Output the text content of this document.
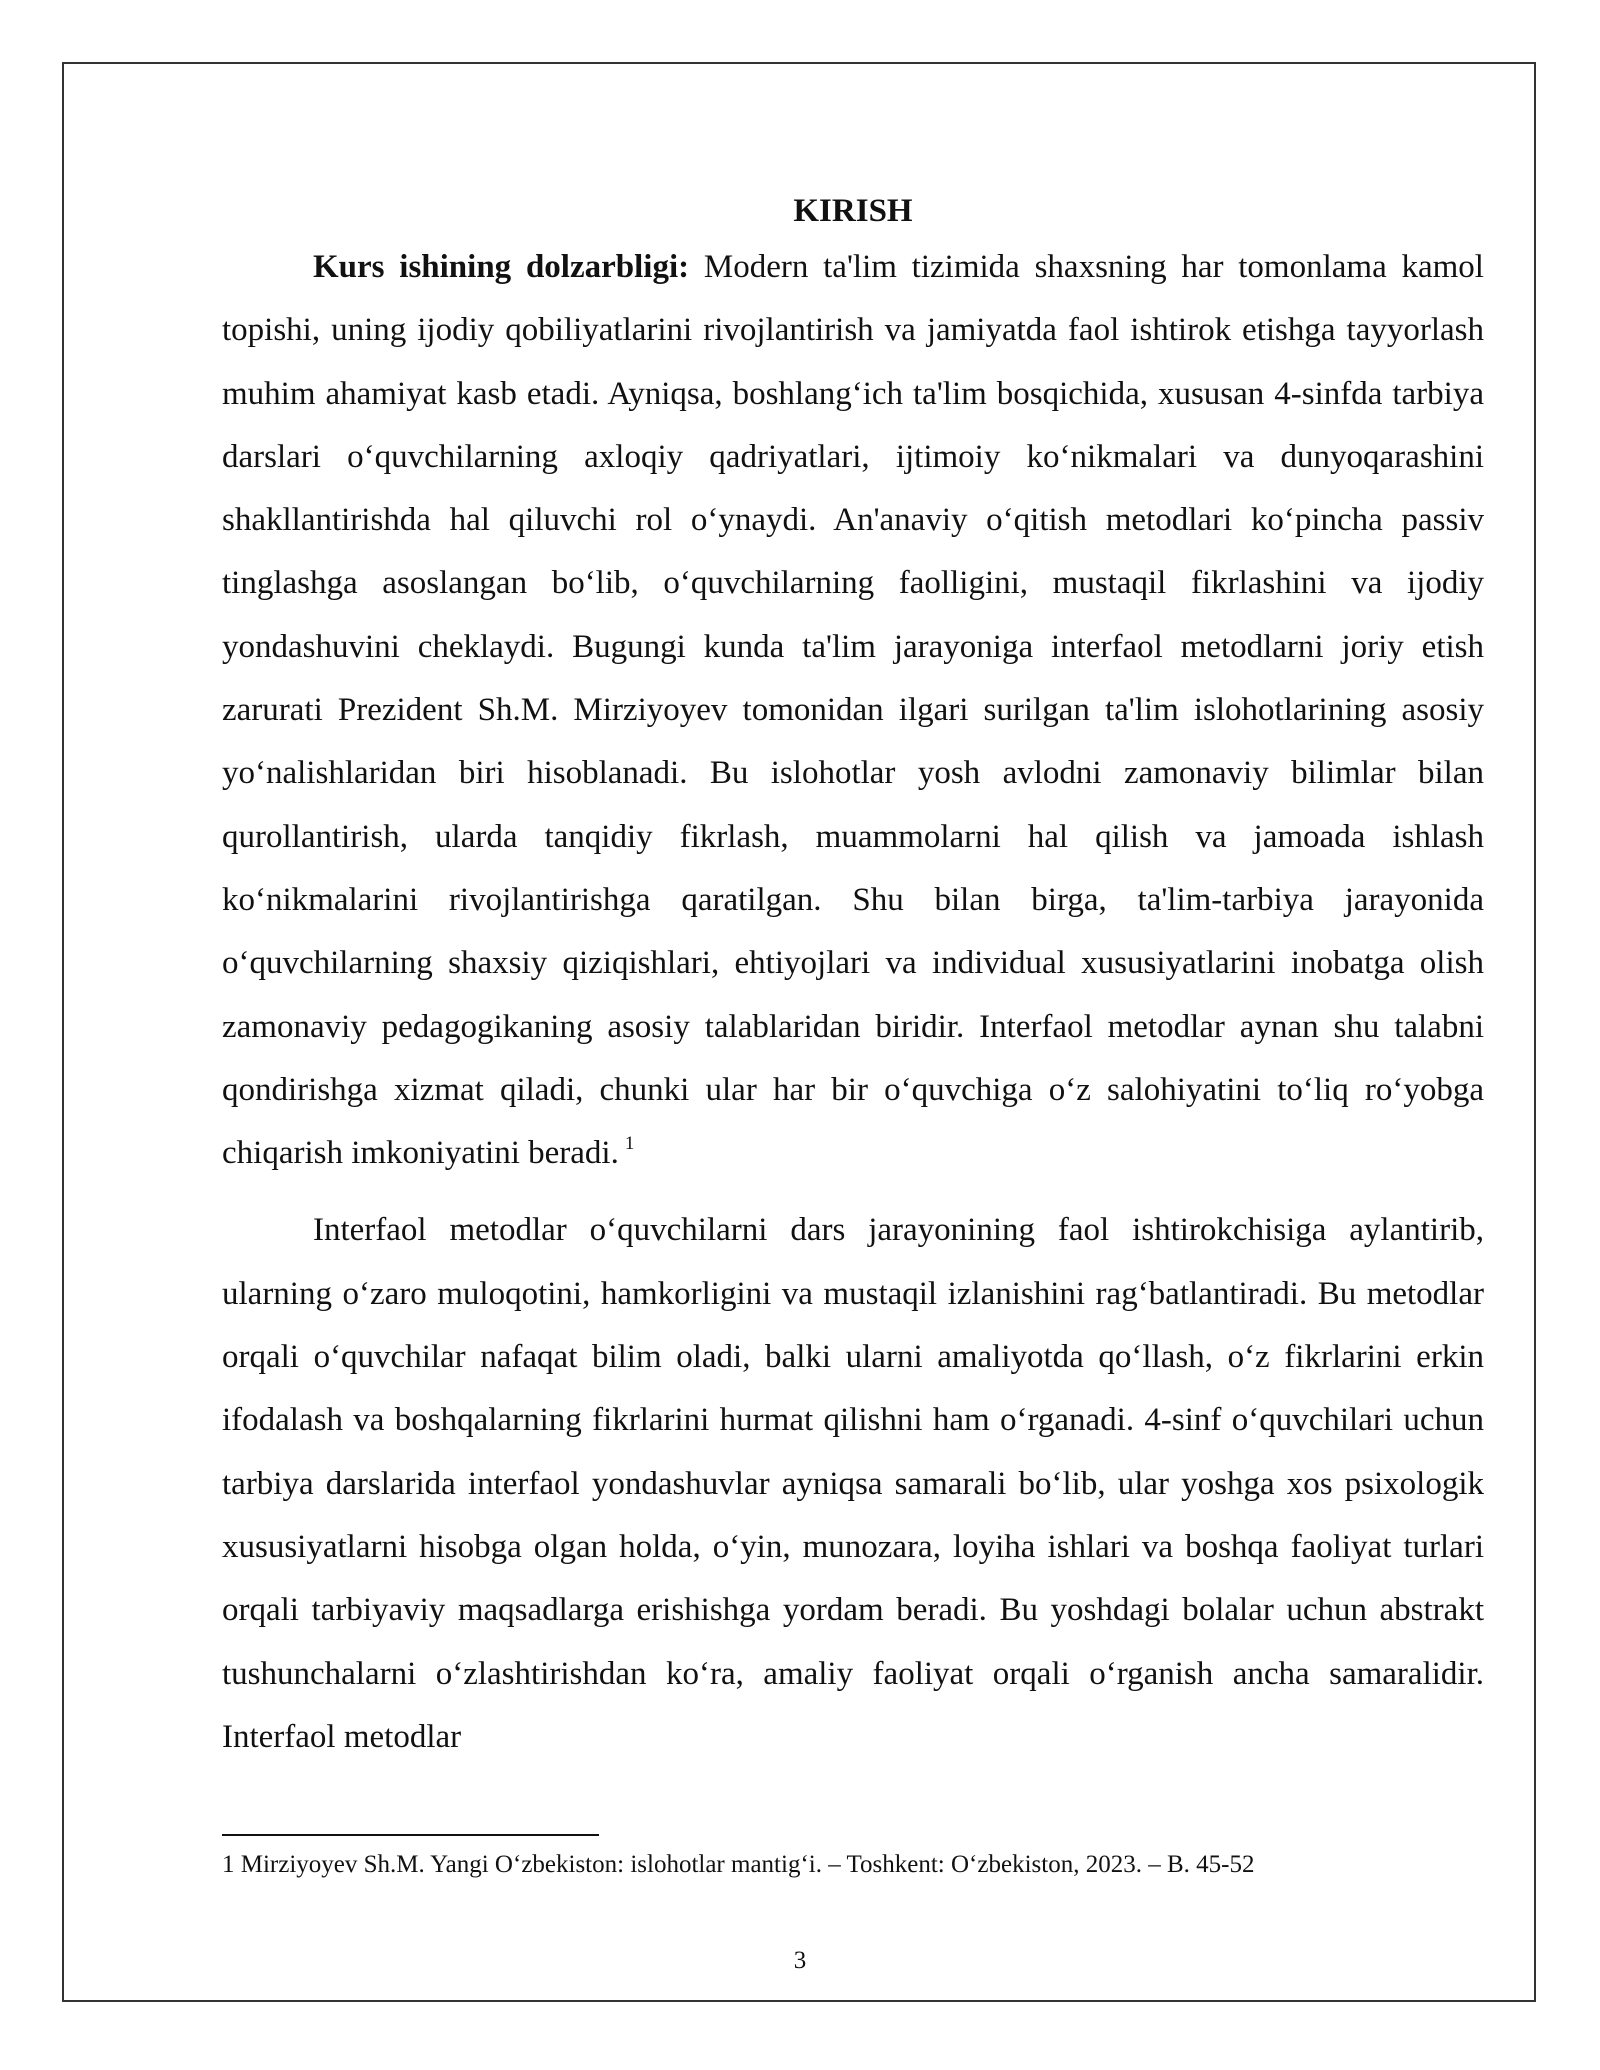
KIRISH

Kurs ishining dolzarbligi: Modern ta'lim tizimida shaxsning har tomonlama kamol topishi, uning ijodiy qobiliyatlarini rivojlantirish va jamiyatda faol ishtirok etishga tayyorlash muhim ahamiyat kasb etadi. Ayniqsa, boshlang‘ich ta'lim bosqichida, xususan 4-sinfda tarbiya darslari o‘quvchilarning axloqiy qadriyatlari, ijtimoiy ko‘nikmalari va dunyoqarashini shakllantirishda hal qiluvchi rol o‘ynaydi. An'anaviy o‘qitish metodlari ko‘pincha passiv tinglashga asoslangan bo‘lib, o‘quvchilarning faolligini, mustaqil fikrlashini va ijodiy yondashuvini cheklaydi. Bugungi kunda ta'lim jarayoniga interfaol metodlarni joriy etish zarurati Prezident Sh.M. Mirziyoyev tomonidan ilgari surilgan ta'lim islohotlarining asosiy yo‘nalishlaridan biri hisoblanadi. Bu islohotlar yosh avlodni zamonaviy bilimlar bilan qurollantirish, ularda tanqidiy fikrlash, muammolarni hal qilish va jamoada ishlash ko‘nikmalarini rivojlantirishga qaratilgan. Shu bilan birga, ta'lim-tarbiya jarayonida o‘quvchilarning shaxsiy qiziqishlari, ehtiyojlari va individual xususiyatlarini inobatga olish zamonaviy pedagogikaning asosiy talablaridan biridir. Interfaol metodlar aynan shu talabni qondirishga xizmat qiladi, chunki ular har bir o‘quvchiga o‘z salohiyatini to‘liq ro‘yobga chiqarish imkoniyatini beradi. $^1$

Interfaol metodlar o‘quvchilarni dars jarayonining faol ishtirokchisiga aylantirib, ularning o‘zaro muloqotini, hamkorligini va mustaqil izlanishini rag‘batlantiradi. Bu metodlar orqali o‘quvchilar nafaqat bilim oladi, balki ularni amaliyotda qo‘llash, o‘z fikrlarini erkin ifodalash va boshqalarning fikrlarini hurmat qilishni ham o‘rganadi. 4-sinf o‘quvchilari uchun tarbiya darslarida interfaol yondashuvlar ayniqsa samarali bo‘lib, ular yoshga xos psixologik xususiyatlarni hisobga olgan holda, o‘yin, munozara, loyiha ishlari va boshqa faoliyat turlari orqali tarbiyaviy maqsadlarga erishishga yordam beradi. Bu yoshdagi bolalar uchun abstrakt tushunchalarni o‘zlashtirishdan ko‘ra, amaliy faoliyat orqali o‘rganish ancha samaralidir. Interfaol metodlar

1 Mirziyoyev Sh.M. Yangi O‘zbekiston: islohotlar mantig‘i. – Toshkent: O‘zbekiston, 2023. – B. 45-52

3
